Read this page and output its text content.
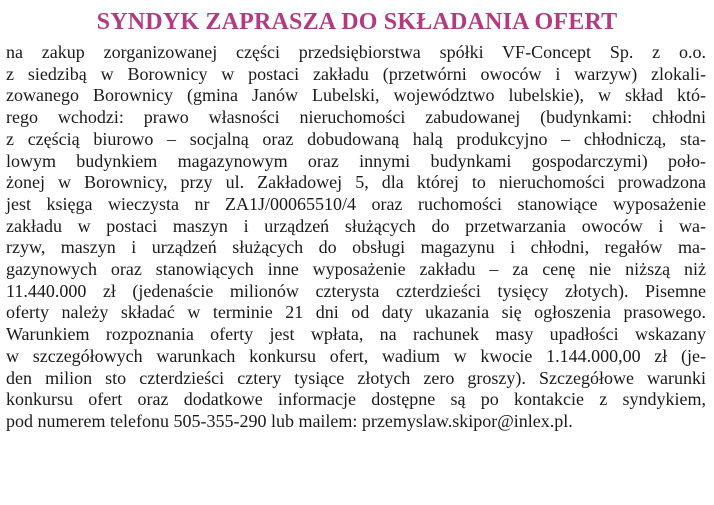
SYNDYK ZAPRASZA DO SKŁADANIA OFERT
na zakup zorganizowanej części przedsiębiorstwa spółki VF-Concept Sp. z o.o.
z siedzibą w Borownicy w postaci zakładu (przetwórni owoców i warzyw) zlokali-
zowanego Borownicy (gmina Janów Lubelski, województwo lubelskie), w skład któ-
rego wchodzi: prawo własności nieruchomości zabudowanej (budynkami: chłodni
z częścią biurowo – socjalną oraz dobudowaną halą produkcyjno – chłodniczą, sta-
lowym budynkiem magazynowym oraz innymi budynkami gospodarczymi) poło-
żonej w Borownicy, przy ul. Zakładowej 5, dla której to nieruchomości prowadzona
jest księga wieczysta nr ZA1J/00065510/4 oraz ruchomości stanowiące wyposażenie
zakładu w postaci maszyn i urządzeń służących do przetwarzania owoców i wa-
rzyw, maszyn i urządzeń służących do obsługi magazynu i chłodni, regałów ma-
gazynowych oraz stanowiących inne wyposażenie zakładu – za cenę nie niższą niż
11.440.000 zł (jedenaście milionów czterysta czterdzieści tysięcy złotych). Pisemne
oferty należy składać w terminie 21 dni od daty ukazania się ogłoszenia prasowego.
Warunkiem rozpoznania oferty jest wpłata, na rachunek masy upadłości wskazany
w szczegółowych warunkach konkursu ofert, wadium w kwocie 1.144.000,00 zł (je-
den milion sto czterdzieści cztery tysiące złotych zero groszy). Szczegółowe warunki
konkursu ofert oraz dodatkowe informacje dostępne są po kontakcie z syndykiem,
pod numerem telefonu 505-355-290 lub mailem: przemyslaw.skipor@inlex.pl.
